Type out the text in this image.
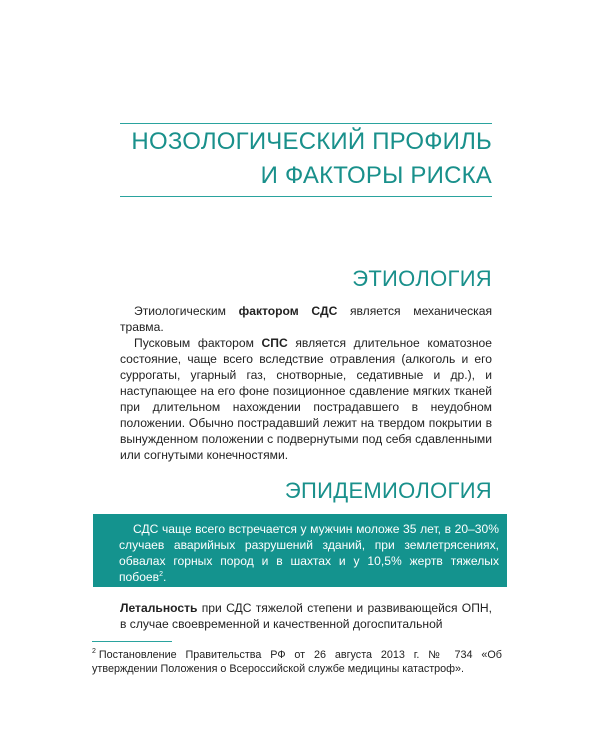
НОЗОЛОГИЧЕСКИЙ ПРОФИЛЬ
И ФАКТОРЫ РИСКА
ЭТИОЛОГИЯ

Этиологическим фактором СДС является механическая травма.

Пусковым фактором СПС является длительное коматозное состояние, чаще всего вследствие отравления (алкоголь и его суррогаты, угарный газ, снотворные, седативные и др.), и наступающее на его фоне позиционное сдавление мягких тканей при длительном нахождении пострадавшего в неудобном положении. Обычно пострадавший лежит на твердом покрытии в вынужденном положении с подвернутыми под себя сдавленными или согнутыми конечностями.

ЭПИДЕМИОЛОГИЯ

СДС чаще всего встречается у мужчин моложе 35 лет, в 20–30% случаев аварийных разрушений зданий, при землетрясениях, обвалах горных пород и в шахтах и у 10,5% жертв тяжелых побоев$^2$.

Летальность при СДС тяжелой степени и развивающейся ОПН, в случае своевременной и качественной догоспитальной

$^2$ Постановление Правительства РФ от 26 августа 2013 г. № 734 «Об утверждении Положения о Всероссийской службе медицины катастроф».
